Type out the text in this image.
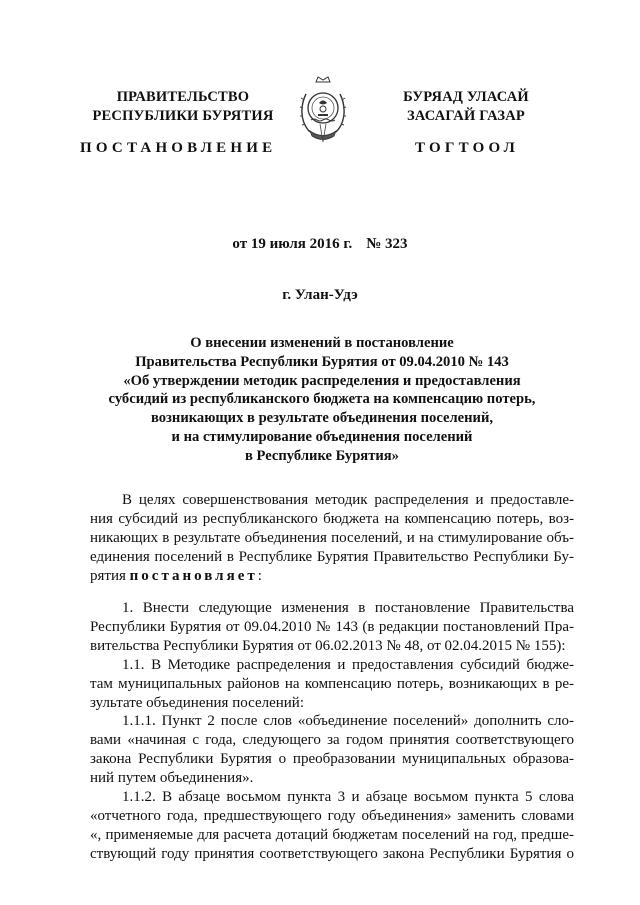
ПРАВИТЕЛЬСТВО
РЕСПУБЛИКИ БУРЯТИЯ
БУРЯАД УЛАСАЙ
ЗАСАГАЙ ГАЗАР
ПОСТАНОВЛЕНИЕ	ТОГТООЛ
от 19 июля 2016 г. № 323
г. Улан-Удэ
О внесении изменений в постановление
Правительства Республики Бурятия от 09.04.2010 № 143
«Об утверждении методик распределения и предоставления
субсидий из республиканского бюджета на компенсацию потерь,
возникающих в результате объединения поселений,
и на стимулирование объединения поселений
в Республике Бурятия»
В целях совершенствования методик распределения и предоставле-
ния субсидий из республиканского бюджета на компенсацию потерь, воз-
никающих в результате объединения поселений, и на стимулирование объ-
единения поселений в Республике Бурятия Правительство Республики Бу-
рятия постановляет:
1. Внести следующие изменения в постановление Правительства
Республики Бурятия от 09.04.2010 № 143 (в редакции постановлений Пра-
вительства Республики Бурятия от 06.02.2013 № 48, от 02.04.2015 № 155):
1.1. В Методике распределения и предоставления субсидий бюдже-
там муниципальных районов на компенсацию потерь, возникающих в ре-
зультате объединения поселений:
1.1.1. Пункт 2 после слов «объединение поселений» дополнить сло-
вами «начиная с года, следующего за годом принятия соответствующего
закона Республики Бурятия о преобразовании муниципальных образова-
ний путем объединения».
1.1.2. В абзаце восьмом пункта 3 и абзаце восьмом пункта 5 слова
«отчетного года, предшествующего году объединения» заменить словами
«, применяемые для расчета дотаций бюджетам поселений на год, предше-
ствующий году принятия соответствующего закона Республики Бурятия о
